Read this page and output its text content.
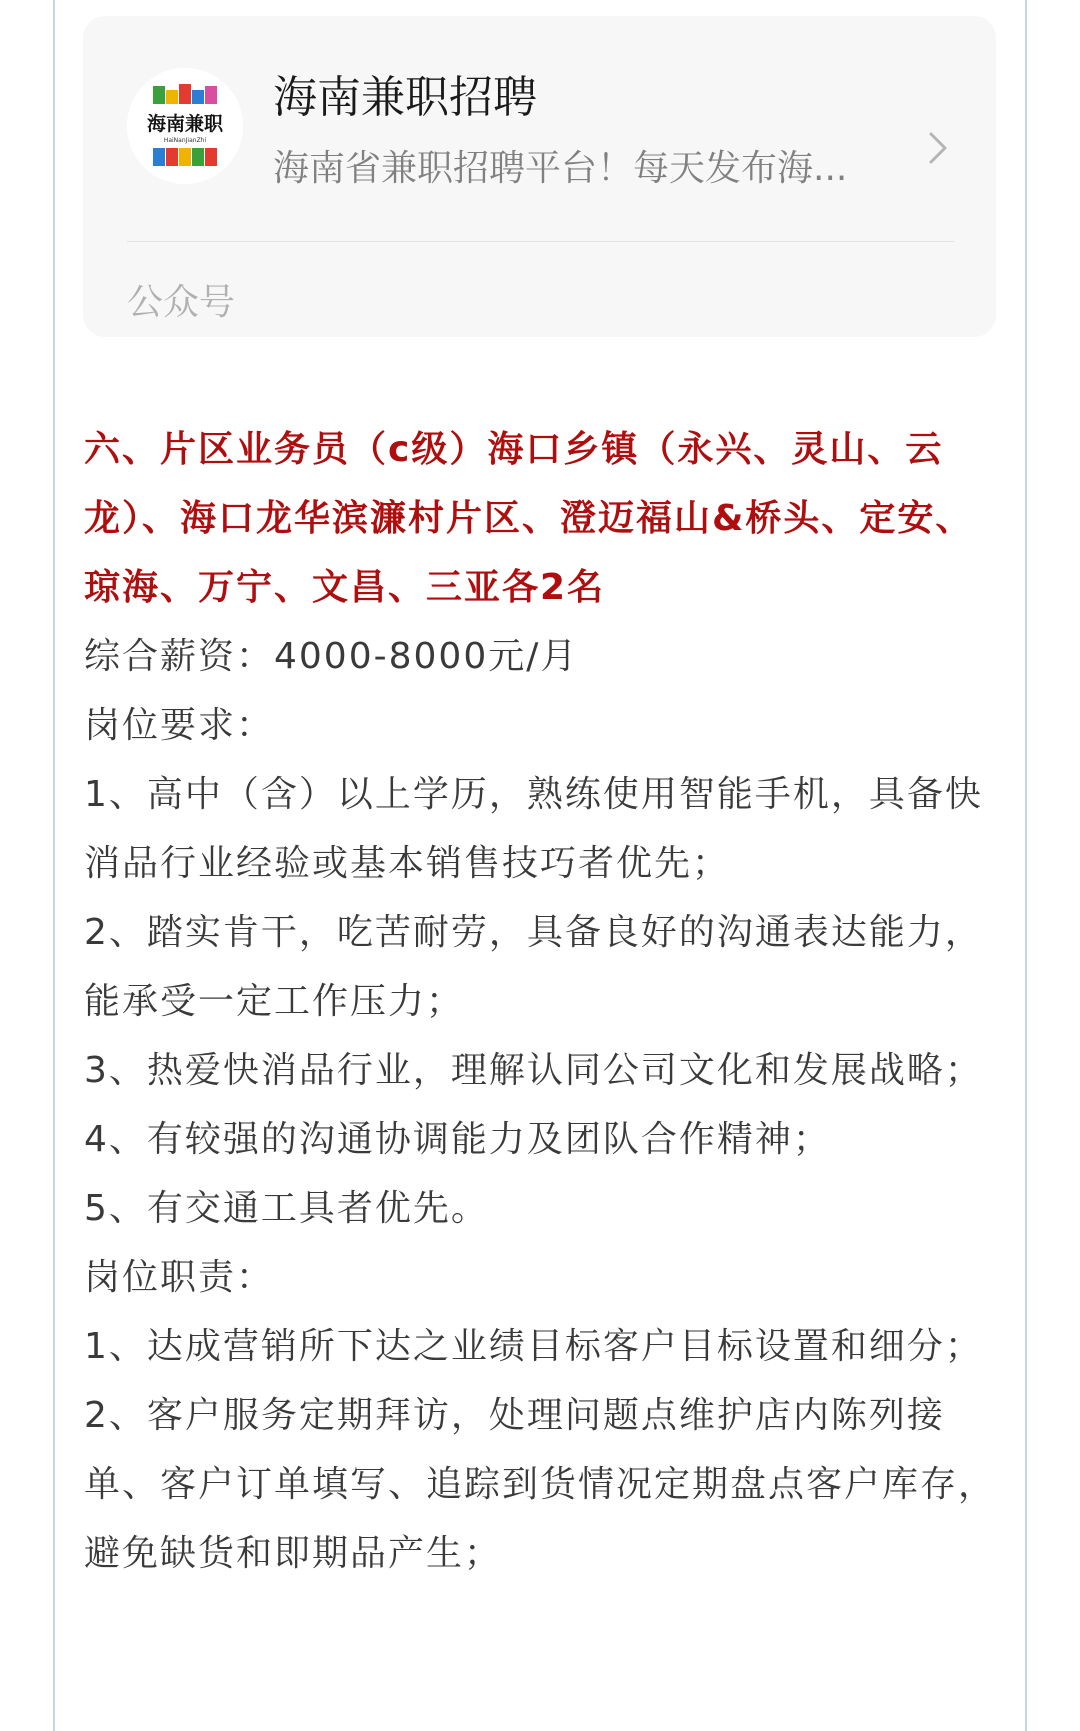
海南兼职
HaiNanJianZhi
海南兼职招聘
海南省兼职招聘平台！每天发布海...
公众号

六、片区业务员（c级）海口乡镇（永兴、灵山、云龙）、海口龙华滨濂村片区、澄迈福山&桥头、定安、琼海、万宁、文昌、三亚各2名

综合薪资：4000-8000元/月

岗位要求：

1、高中（含）以上学历，熟练使用智能手机，具备快消品行业经验或基本销售技巧者优先；

2、踏实肯干，吃苦耐劳，具备良好的沟通表达能力，能承受一定工作压力；

3、热爱快消品行业，理解认同公司文化和发展战略；

4、有较强的沟通协调能力及团队合作精神；

5、有交通工具者优先。

岗位职责：

1、达成营销所下达之业绩目标客户目标设置和细分；

2、客户服务定期拜访，处理问题点维护店内陈列接单、客户订单填写、追踪到货情况定期盘点客户库存，避免缺货和即期品产生；
